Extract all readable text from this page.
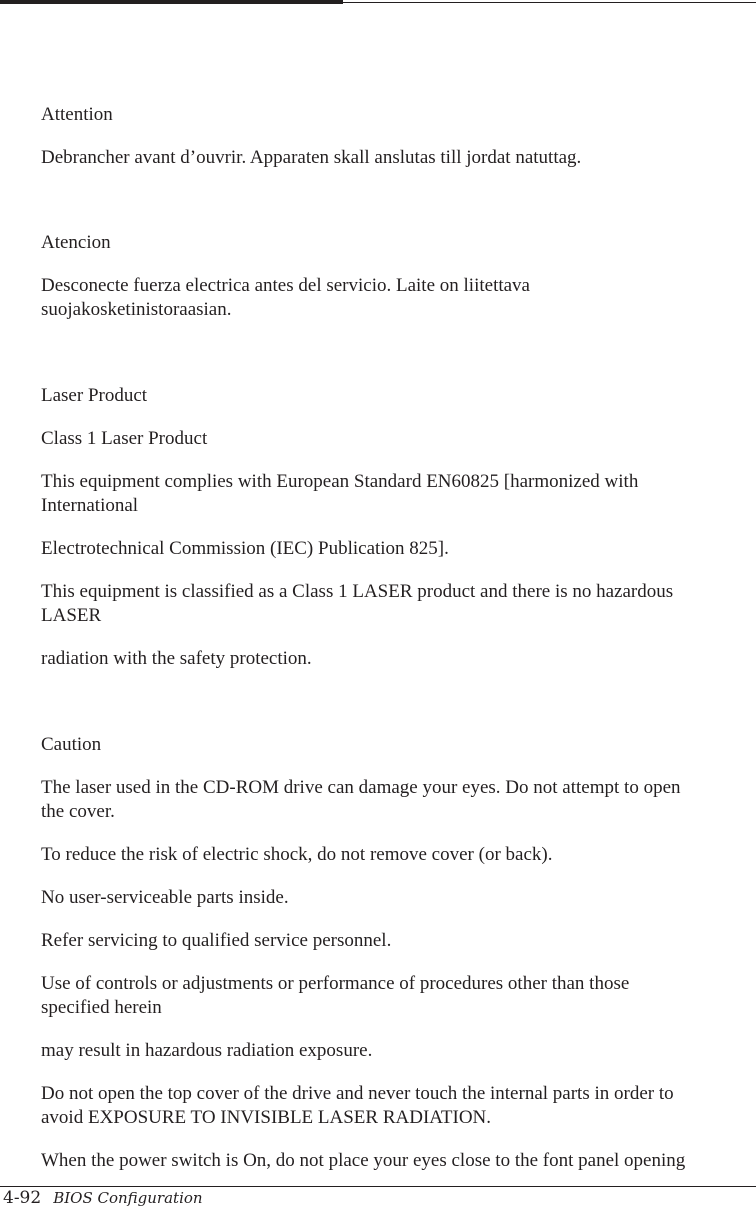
Attention
Debrancher avant d’ouvrir. Apparaten skall anslutas till jordat natuttag.
Atencion
Desconecte fuerza electrica antes del servicio. Laite on liitettava
suojakosketinistoraasian.
Laser Product
Class 1 Laser Product
This equipment complies with European Standard EN60825 [harmonized with
International
Electrotechnical Commission (IEC) Publication 825].
This equipment is classified as a Class 1 LASER product and there is no hazardous
LASER
radiation with the safety protection.
Caution
The laser used in the CD-ROM drive can damage your eyes. Do not attempt to open
the cover.
To reduce the risk of electric shock, do not remove cover (or back).
No user-serviceable parts inside.
Refer servicing to qualified service personnel.
Use of controls or adjustments or performance of procedures other than those
specified herein
may result in hazardous radiation exposure.
Do not open the top cover of the drive and never touch the internal parts in order to
avoid EXPOSURE TO INVISIBLE LASER RADIATION.
When the power switch is On, do not place your eyes close to the font panel opening
4-92 BIOS Configuration
